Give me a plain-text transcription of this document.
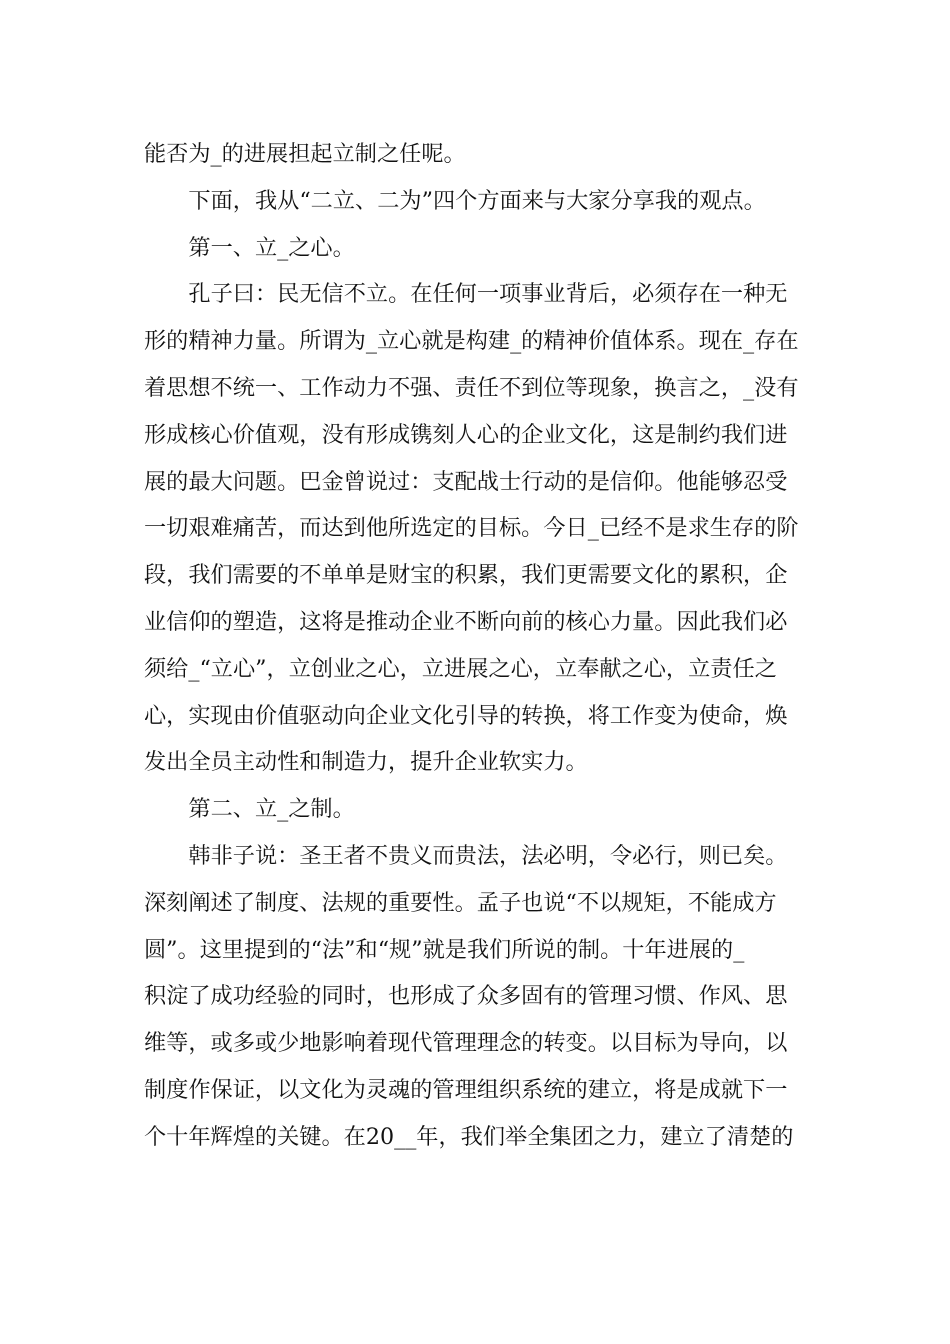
能否为_的进展担起立制之任呢。

下面，我从“二立、二为”四个方面来与大家分享我的观点。

第一、立_之心。

孔子曰：民无信不立。在任何一项事业背后，必须存在一种无
形的精神力量。所谓为_立心就是构建_的精神价值体系。现在_存在
着思想不统一、工作动力不强、责任不到位等现象，换言之，_没有
形成核心价值观，没有形成镌刻人心的企业文化，这是制约我们进
展的最大问题。巴金曾说过：支配战士行动的是信仰。他能够忍受
一切艰难痛苦，而达到他所选定的目标。今日_已经不是求生存的阶
段，我们需要的不单单是财宝的积累，我们更需要文化的累积，企
业信仰的塑造，这将是推动企业不断向前的核心力量。因此我们必
须给_“立心”，立创业之心，立进展之心，立奉献之心，立责任之
心，实现由价值驱动向企业文化引导的转换，将工作变为使命，焕
发出全员主动性和制造力，提升企业软实力。

第二、立_之制。

韩非子说：圣王者不贵义而贵法，法必明，令必行，则已矣。
深刻阐述了制度、法规的重要性。孟子也说“不以规矩，不能成方
圆”。这里提到的“法”和“规”就是我们所说的制。十年进展的_
积淀了成功经验的同时，也形成了众多固有的管理习惯、作风、思
维等，或多或少地影响着现代管理理念的转变。以目标为导向，以
制度作保证，以文化为灵魂的管理组织系统的建立，将是成就下一
个十年辉煌的关键。在20__年，我们举全集团之力，建立了清楚的
